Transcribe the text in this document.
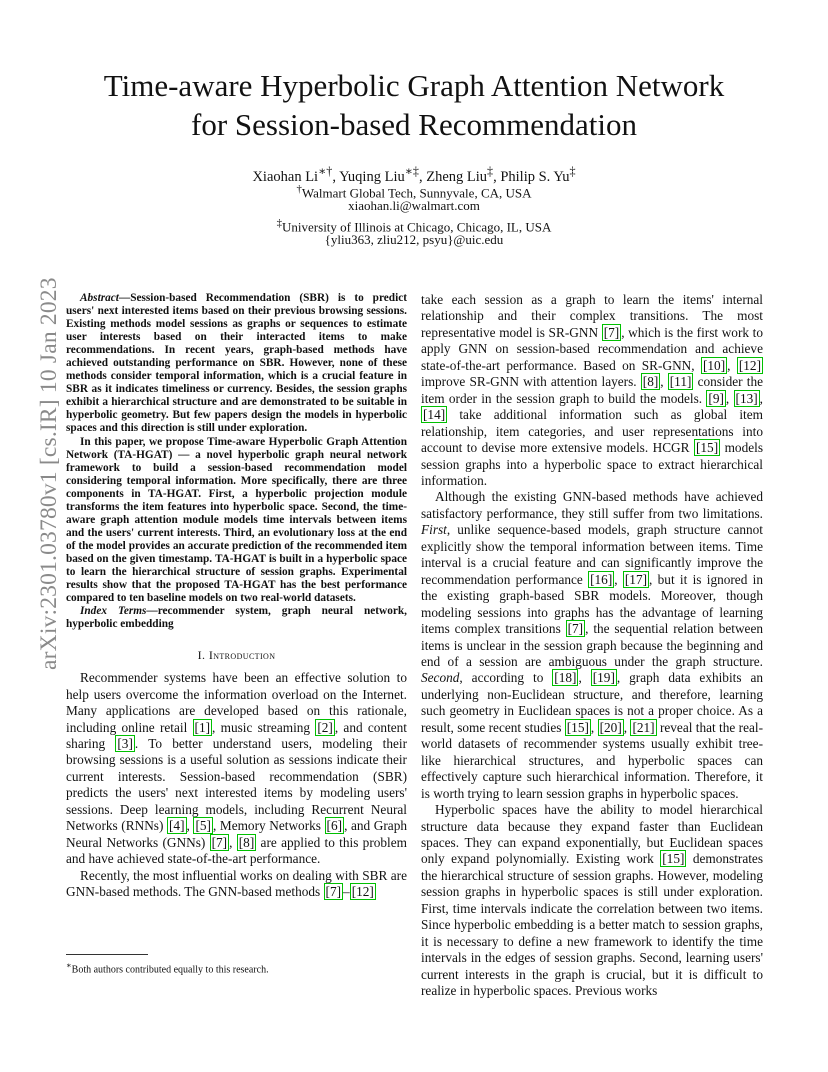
Time-aware Hyperbolic Graph Attention Network
for Session-based Recommendation
Xiaohan Li∗†, Yuqing Liu∗‡, Zheng Liu‡, Philip S. Yu‡
†Walmart Global Tech, Sunnyvale, CA, USA
xiaohan.li@walmart.com
‡University of Illinois at Chicago, Chicago, IL, USA
{yliu363, zliu212, psyu}@uic.edu
arXiv:2301.03780v1 [cs.IR] 10 Jan 2023	Abstract—Session-based Recommendation (SBR) is to predict users' next interested items based on their previous browsing sessions. Existing methods model sessions as graphs or sequences to estimate user interests based on their interacted items to make recommendations. In recent years, graph-based methods have achieved outstanding performance on SBR. However, none of these methods consider temporal information, which is a crucial feature in SBR as it indicates timeliness or currency. Besides, the session graphs exhibit a hierarchical structure and are demonstrated to be suitable in hyperbolic geometry. But few papers design the models in hyperbolic spaces and this direction is still under exploration.

In this paper, we propose Time-aware Hyperbolic Graph Attention Network (TA-HGAT) — a novel hyperbolic graph neural network framework to build a session-based recommendation model considering temporal information. More specifically, there are three components in TA-HGAT. First, a hyperbolic projection module transforms the item features into hyperbolic space. Second, the time-aware graph attention module models time intervals between items and the users' current interests. Third, an evolutionary loss at the end of the model provides an accurate prediction of the recommended item based on the given timestamp. TA-HGAT is built in a hyperbolic space to learn the hierarchical structure of session graphs. Experimental results show that the proposed TA-HGAT has the best performance compared to ten baseline models on two real-world datasets.

Index Terms—recommender system, graph neural network, hyperbolic embedding

I. Introduction

Recommender systems have been an effective solution to help users overcome the information overload on the Internet. Many applications are developed based on this rationale, including online retail [1] , music streaming [2] , and content sharing [3] . To better understand users, modeling their browsing sessions is a useful solution as sessions indicate their current interests. Session-based recommendation (SBR) predicts the users' next interested items by modeling users' sessions. Deep learning models, including Recurrent Neural Networks (RNNs) [4] , [5] , Memory Networks [6] , and Graph Neural Networks (GNNs) [7] , [8] are applied to this problem and have achieved state-of-the-art performance.

Recently, the most influential works on dealing with SBR are GNN-based methods. The GNN-based methods [7] – [12]

∗Both authors contributed equally to this research.

take each session as a graph to learn the items' internal relationship and their complex transitions. The most representative model is SR-GNN [7] , which is the first work to apply GNN on session-based recommendation and achieve state-of-the-art performance. Based on SR-GNN, [10] , [12] improve SR-GNN with attention layers. [8] , [11] consider the item order in the session graph to build the models. [9] , [13] , [14] take additional information such as global item relationship, item categories, and user representations into account to devise more extensive models. HCGR [15] models session graphs into a hyperbolic space to extract hierarchical information.

Although the existing GNN-based methods have achieved satisfactory performance, they still suffer from two limitations. First, unlike sequence-based models, graph structure cannot explicitly show the temporal information between items. Time interval is a crucial feature and can significantly improve the recommendation performance [16] , [17] , but it is ignored in the existing graph-based SBR models. Moreover, though modeling sessions into graphs has the advantage of learning items complex transitions [7] , the sequential relation between items is unclear in the session graph because the beginning and end of a session are ambiguous under the graph structure. Second, according to [18] , [19] , graph data exhibits an underlying non-Euclidean structure, and therefore, learning such geometry in Euclidean spaces is not a proper choice. As a result, some recent studies [15] , [20] , [21] reveal that the real-world datasets of recommender systems usually exhibit tree-like hierarchical structures, and hyperbolic spaces can effectively capture such hierarchical information. Therefore, it is worth trying to learn session graphs in hyperbolic spaces.

Hyperbolic spaces have the ability to model hierarchical structure data because they expand faster than Euclidean spaces. They can expand exponentially, but Euclidean spaces only expand polynomially. Existing work [15] demonstrates the hierarchical structure of session graphs. However, modeling session graphs in hyperbolic spaces is still under exploration. First, time intervals indicate the correlation between two items. Since hyperbolic embedding is a better match to session graphs, it is necessary to define a new framework to identify the time intervals in the edges of session graphs. Second, learning users' current interests in the graph is crucial, but it is difficult to realize in hyperbolic spaces. Previous works
